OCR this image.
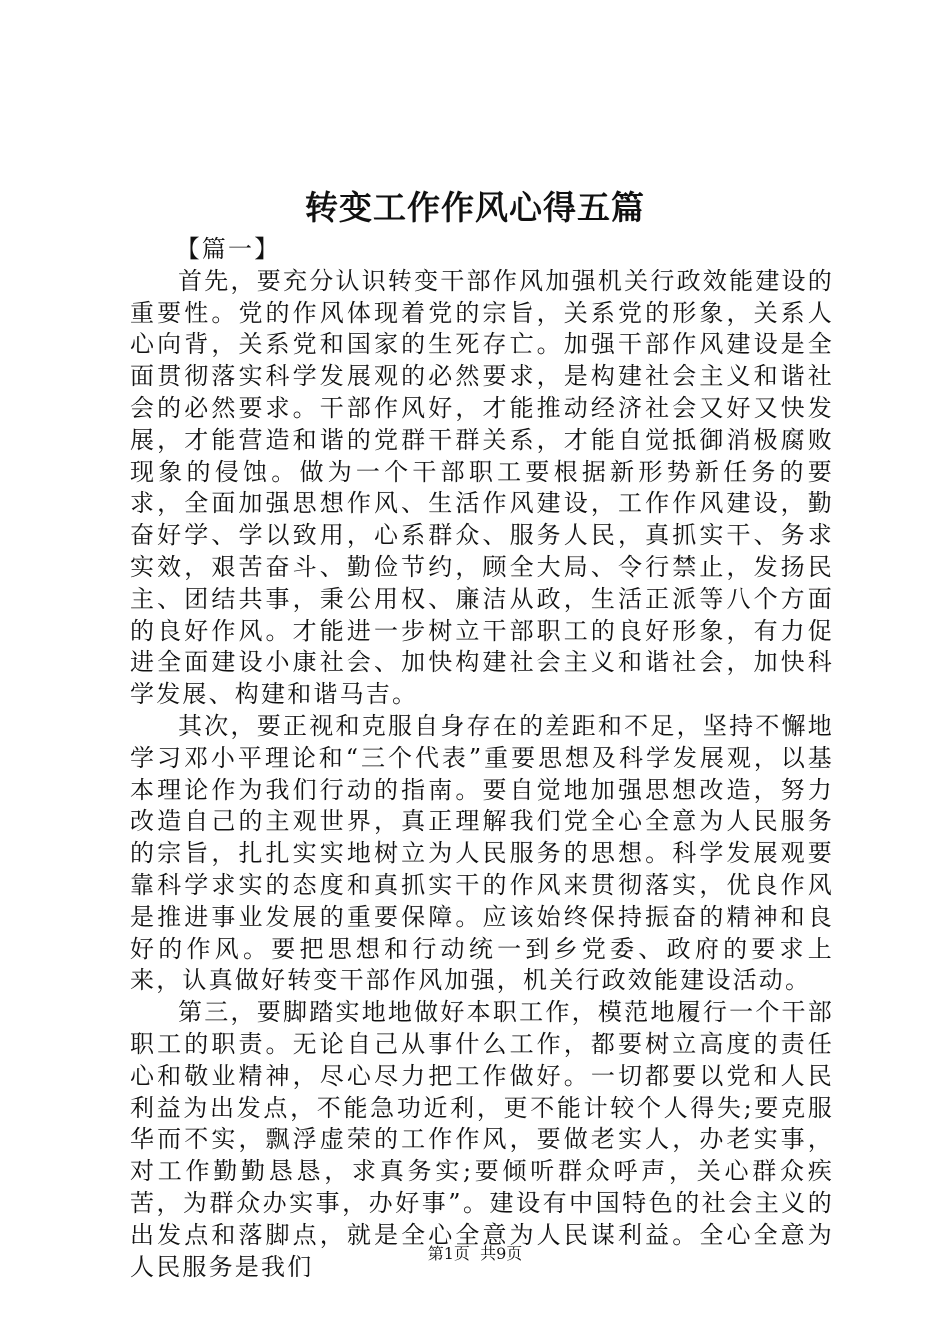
转变工作作风心得五篇

【篇一】

首先，要充分认识转变干部作风加强机关行政效能建设的重要性。党的作风体现着党的宗旨，关系党的形象，关系人心向背，关系党和国家的生死存亡。加强干部作风建设是全面贯彻落实科学发展观的必然要求，是构建社会主义和谐社会的必然要求。干部作风好，才能推动经济社会又好又快发展，才能营造和谐的党群干群关系，才能自觉抵御消极腐败现象的侵蚀。做为一个干部职工要根据新形势新任务的要求，全面加强思想作风、生活作风建设，工作作风建设，勤奋好学、学以致用，心系群众、服务人民，真抓实干、务求实效，艰苦奋斗、勤俭节约，顾全大局、令行禁止，发扬民主、团结共事，秉公用权、廉洁从政，生活正派等八个方面的良好作风。才能进一步树立干部职工的良好形象，有力促进全面建设小康社会、加快构建社会主义和谐社会，加快科学发展、构建和谐马吉。

其次，要正视和克服自身存在的差距和不足，坚持不懈地学习邓小平理论和“三个代表”重要思想及科学发展观，以基本理论作为我们行动的指南。要自觉地加强思想改造，努力改造自己的主观世界，真正理解我们党全心全意为人民服务的宗旨，扎扎实实地树立为人民服务的思想。科学发展观要靠科学求实的态度和真抓实干的作风来贯彻落实，优良作风是推进事业发展的重要保障。应该始终保持振奋的精神和良好的作风。要把思想和行动统一到乡党委、政府的要求上来，认真做好转变干部作风加强，机关行政效能建设活动。

第三，要脚踏实地地做好本职工作，模范地履行一个干部职工的职责。无论自己从事什么工作，都要树立高度的责任心和敬业精神，尽心尽力把工作做好。一切都要以党和人民利益为出发点，不能急功近利，更不能计较个人得失;要克服华而不实，飘浮虚荣的工作作风，要做老实人，办老实事，对工作勤勤恳恳，求真务实;要倾听群众呼声，关心群众疾苦，为群众办实事，办好事”。建设有中国特色的社会主义的出发点和落脚点，就是全心全意为人民谋利益。全心全意为人民服务是我们	第1页  共9页
